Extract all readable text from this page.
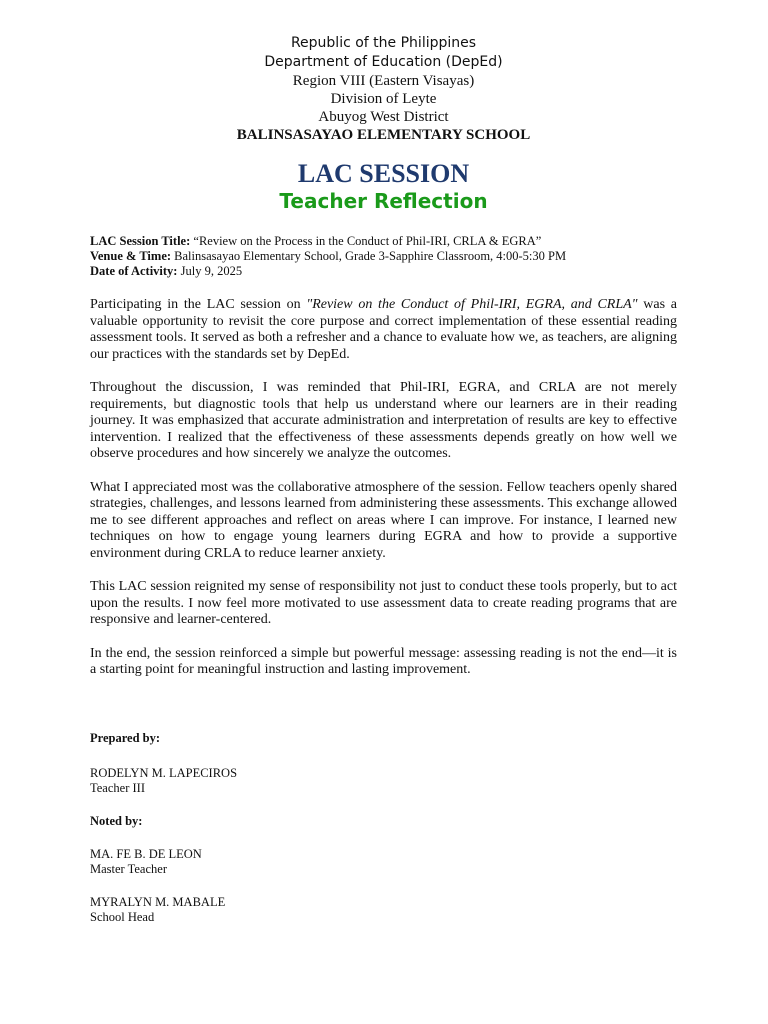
Republic of the Philippines
Department of Education (DepEd)
Region VIII (Eastern Visayas)
Division of Leyte
Abuyog West District
BALINSASAYAO ELEMENTARY SCHOOL
LAC SESSION
Teacher Reflection
LAC Session Title: “Review on the Process in the Conduct of Phil-IRI, CRLA & EGRA”
Venue & Time: Balinsasayao Elementary School, Grade 3-Sapphire Classroom, 4:00-5:30 PM
Date of Activity: July 9, 2025

Participating in the LAC session on "Review on the Conduct of Phil-IRI, EGRA, and CRLA" was a valuable opportunity to revisit the core purpose and correct implementation of these essential reading assessment tools. It served as both a refresher and a chance to evaluate how we, as teachers, are aligning our practices with the standards set by DepEd.

Throughout the discussion, I was reminded that Phil-IRI, EGRA, and CRLA are not merely requirements, but diagnostic tools that help us understand where our learners are in their reading journey. It was emphasized that accurate administration and interpretation of results are key to effective intervention. I realized that the effectiveness of these assessments depends greatly on how well we observe procedures and how sincerely we analyze the outcomes.

What I appreciated most was the collaborative atmosphere of the session. Fellow teachers openly shared strategies, challenges, and lessons learned from administering these assessments. This exchange allowed me to see different approaches and reflect on areas where I can improve. For instance, I learned new techniques on how to engage young learners during EGRA and how to provide a supportive environment during CRLA to reduce learner anxiety.

This LAC session reignited my sense of responsibility not just to conduct these tools properly, but to act upon the results. I now feel more motivated to use assessment data to create reading programs that are responsive and learner-centered.

In the end, the session reinforced a simple but powerful message: assessing reading is not the end—it is a starting point for meaningful instruction and lasting improvement.

Prepared by:
RODELYN M. LAPECIROS
Teacher III
Noted by:
MA. FE B. DE LEON
Master Teacher
MYRALYN M. MABALE
School Head
